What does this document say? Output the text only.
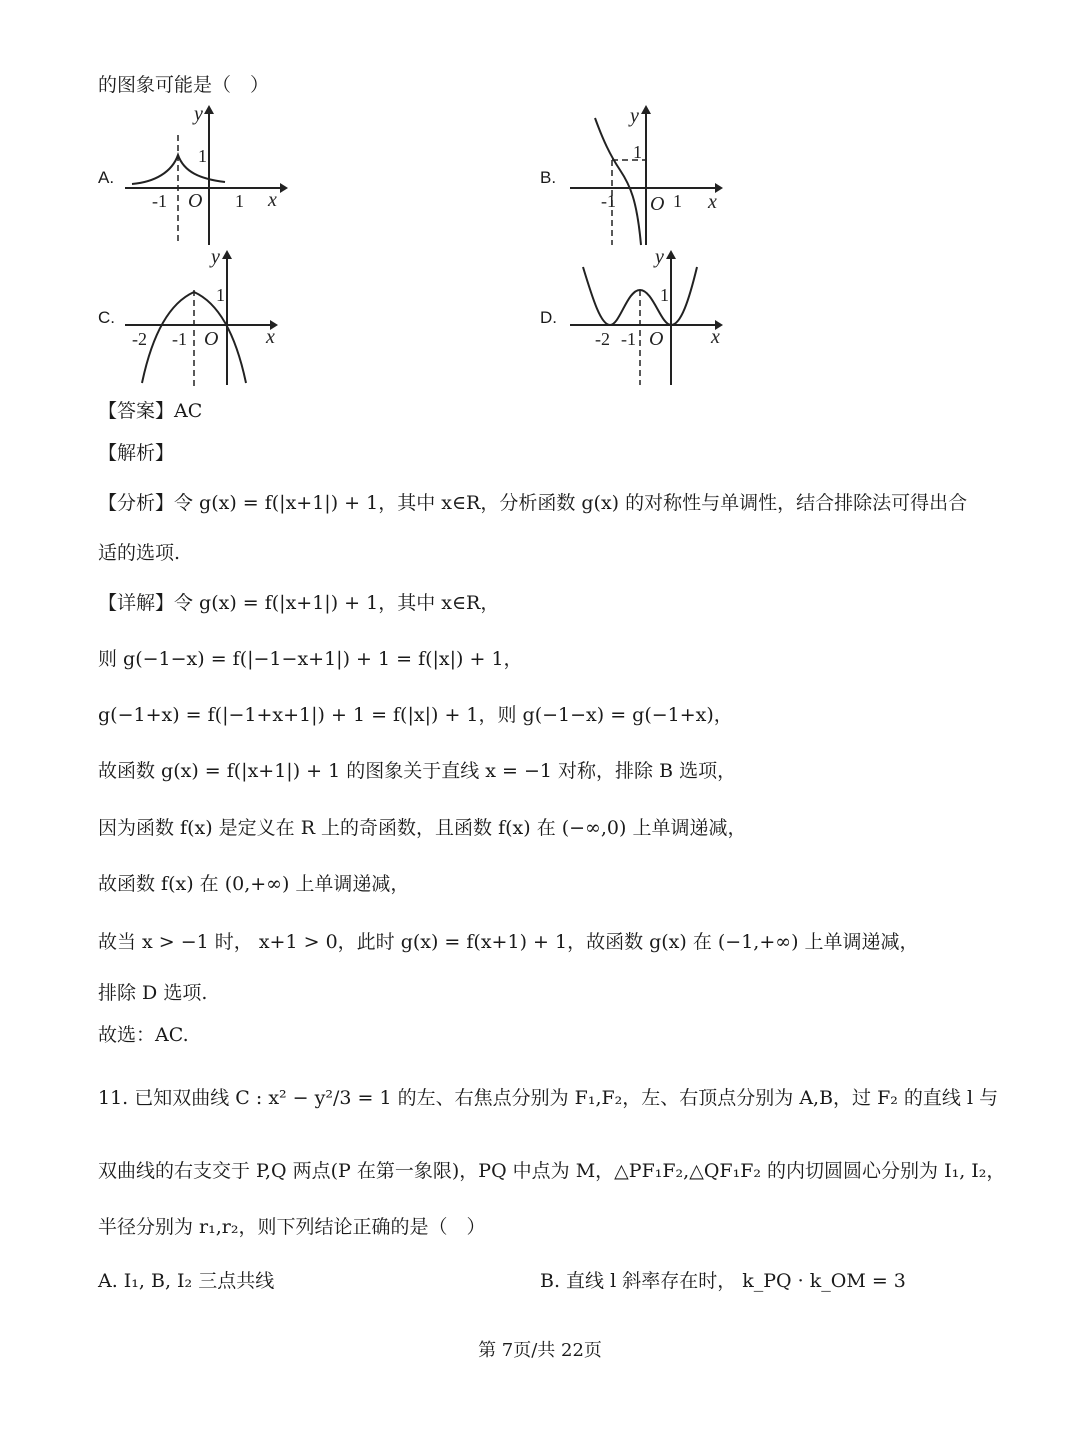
的图象可能是（　）
A.
-1 O 1
1
x
y
B.
-1 O 1
1
x
y
C.
-2 -1 O
1
x
y
D.
-2 -1 O
1
x
y
【答案】AC
【解析】
【分析】令 g(x) = f(|x+1|) + 1，其中 x∈R，分析函数 g(x) 的对称性与单调性，结合排除法可得出合
适的选项.
【详解】令 g(x) = f(|x+1|) + 1，其中 x∈R，
则 g(−1−x) = f(|−1−x+1|) + 1 = f(|x|) + 1，
g(−1+x) = f(|−1+x+1|) + 1 = f(|x|) + 1，则 g(−1−x) = g(−1+x)，
故函数 g(x) = f(|x+1|) + 1 的图象关于直线 x = −1 对称，排除 B 选项，
因为函数 f(x) 是定义在 R 上的奇函数，且函数 f(x) 在 (−∞,0) 上单调递减，
故函数 f(x) 在 (0,+∞) 上单调递减，
故当 x > −1 时， x+1 > 0，此时 g(x) = f(x+1) + 1，故函数 g(x) 在 (−1,+∞) 上单调递减，
排除 D 选项.
故选：AC.
11. 已知双曲线 C : x² − y²/3 = 1 的左、右焦点分别为 F₁,F₂，左、右顶点分别为 A,B，过 F₂ 的直线 l 与
双曲线的右支交于 P,Q 两点(P 在第一象限)，PQ 中点为 M，△PF₁F₂,△QF₁F₂ 的内切圆圆心分别为 I₁, I₂，
半径分别为 r₁,r₂，则下列结论正确的是（　）
A. I₁, B, I₂ 三点共线	B. 直线 l 斜率存在时， k_PQ · k_OM = 3
第 7页/共 22页
